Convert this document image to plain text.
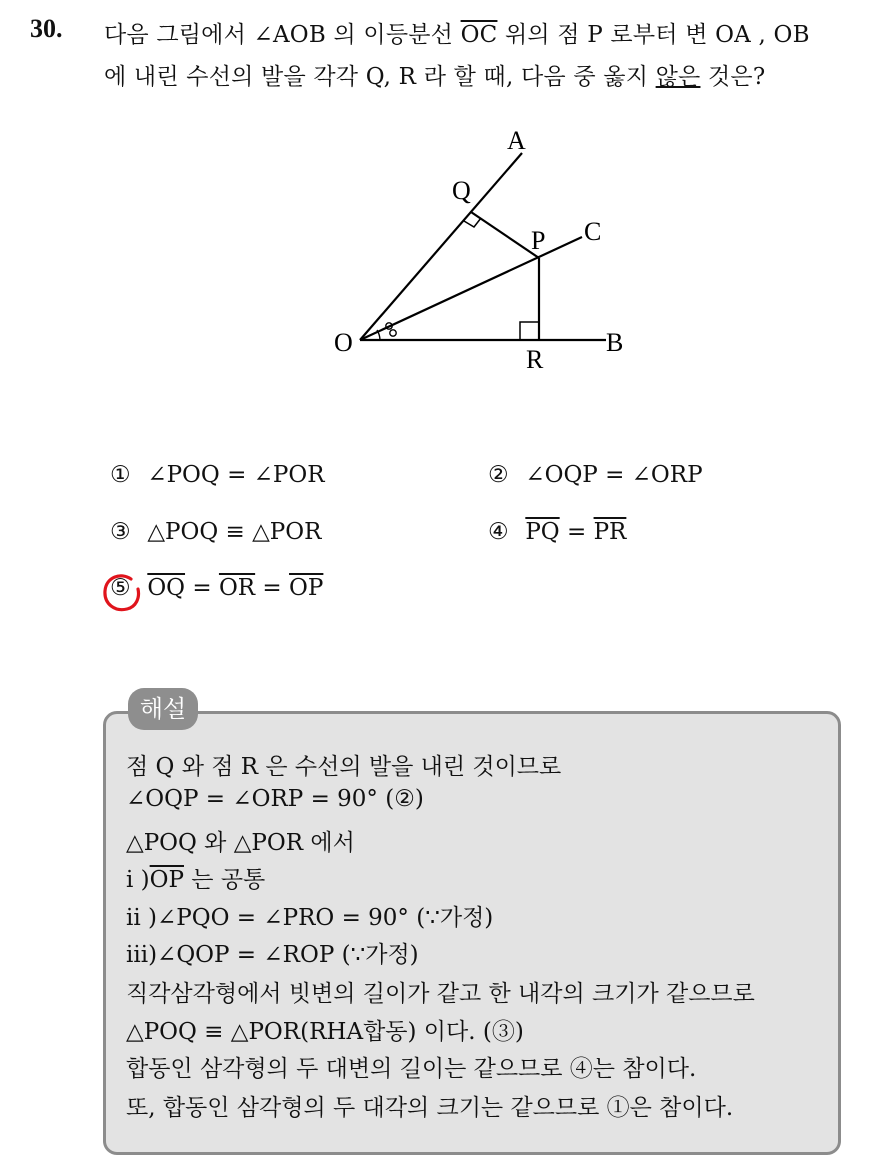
30. 다음 그림에서 ∠AOB 의 이등분선 $\overline{OC}$ 위의 점 P 로부터 변 OA , OB
에 내린 수선의 발을 각각 Q, R 라 할 때, 다음 중 옳지 않은 것은?
A
Q
P C
O
R
B
① ∠POQ = ∠POR	② ∠OQP = ∠ORP
③ △POQ ≡ △POR	④ $\overline{PQ} = \overline{PR}$
⑤ $\overline{OQ} = \overline{OR} = \overline{OP}$
해설
점 Q 와 점 R 은 수선의 발을 내린 것이므로
∠OQP = ∠ORP = 90° (②)
△POQ 와 △POR 에서
i )$\overline{OP}$ 는 공통
ii )∠PQO = ∠PRO = 90° (∵가정)
iii)∠QOP = ∠ROP (∵가정)
직각삼각형에서 빗변의 길이가 같고 한 내각의 크기가 같으므로
△POQ ≡ △POR(RHA합동) 이다. (③)
합동인 삼각형의 두 대변의 길이는 같으므로 ④는 참이다.
또, 합동인 삼각형의 두 대각의 크기는 같으므로 ①은 참이다.
